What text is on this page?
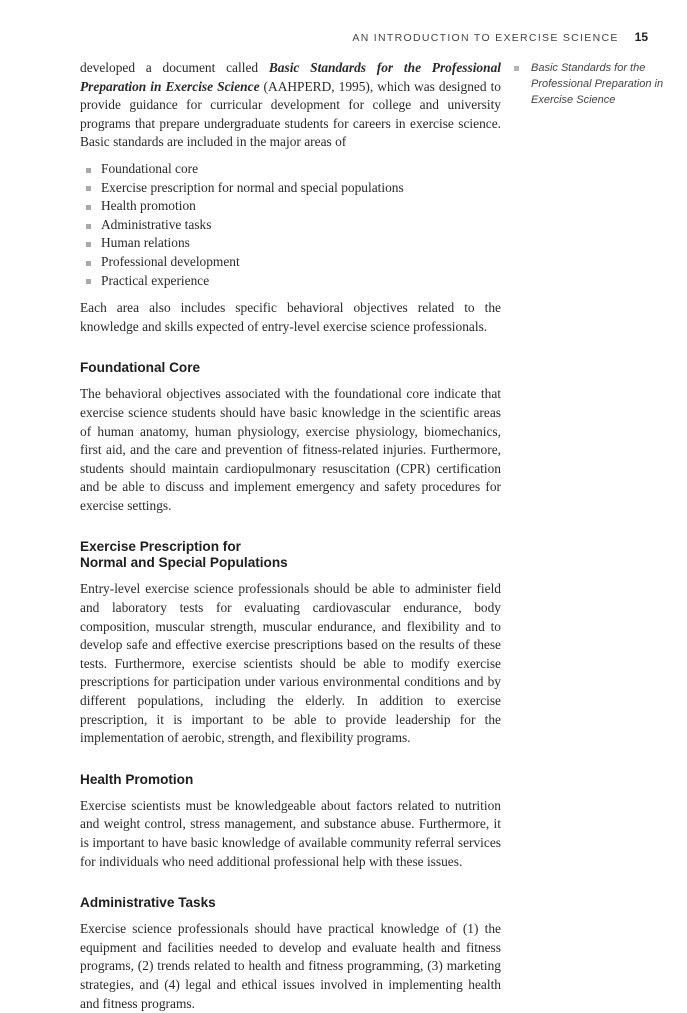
AN INTRODUCTION TO EXERCISE SCIENCE 15
Basic Standards for the Professional Preparation in Exercise Science

developed a document called Basic Standards for the Professional Preparation in Exercise Science (AAHPERD, 1995), which was designed to provide guidance for curricular development for college and university programs that prepare undergraduate students for careers in exercise science. Basic standards are included in the major areas of

Foundational core
Exercise prescription for normal and special populations
Health promotion
Administrative tasks
Human relations
Professional development
Practical experience

Each area also includes specific behavioral objectives related to the knowledge and skills expected of entry-level exercise science professionals.

Foundational Core

The behavioral objectives associated with the foundational core indicate that exercise science students should have basic knowledge in the scientific areas of human anatomy, human physiology, exercise physiology, biomechanics, first aid, and the care and prevention of fitness-related injuries. Furthermore, students should maintain cardiopulmonary resuscitation (CPR) certification and be able to discuss and implement emergency and safety procedures for exercise settings.

Exercise Prescription for
Normal and Special Populations

Entry-level exercise science professionals should be able to administer field and laboratory tests for evaluating cardiovascular endurance, body composition, muscular strength, muscular endurance, and flexibility and to develop safe and effective exercise prescriptions based on the results of these tests. Furthermore, exercise scientists should be able to modify exercise prescriptions for participation under various environmental conditions and by different populations, including the elderly. In addition to exercise prescription, it is important to be able to provide leadership for the implementation of aerobic, strength, and flexibility programs.

Health Promotion

Exercise scientists must be knowledgeable about factors related to nutrition and weight control, stress management, and substance abuse. Furthermore, it is important to have basic knowledge of available community referral services for individuals who need additional professional help with these issues.

Administrative Tasks

Exercise science professionals should have practical knowledge of (1) the equipment and facilities needed to develop and evaluate health and fitness programs, (2) trends related to health and fitness programming, (3) marketing strategies, and (4) legal and ethical issues involved in implementing health and fitness programs.
